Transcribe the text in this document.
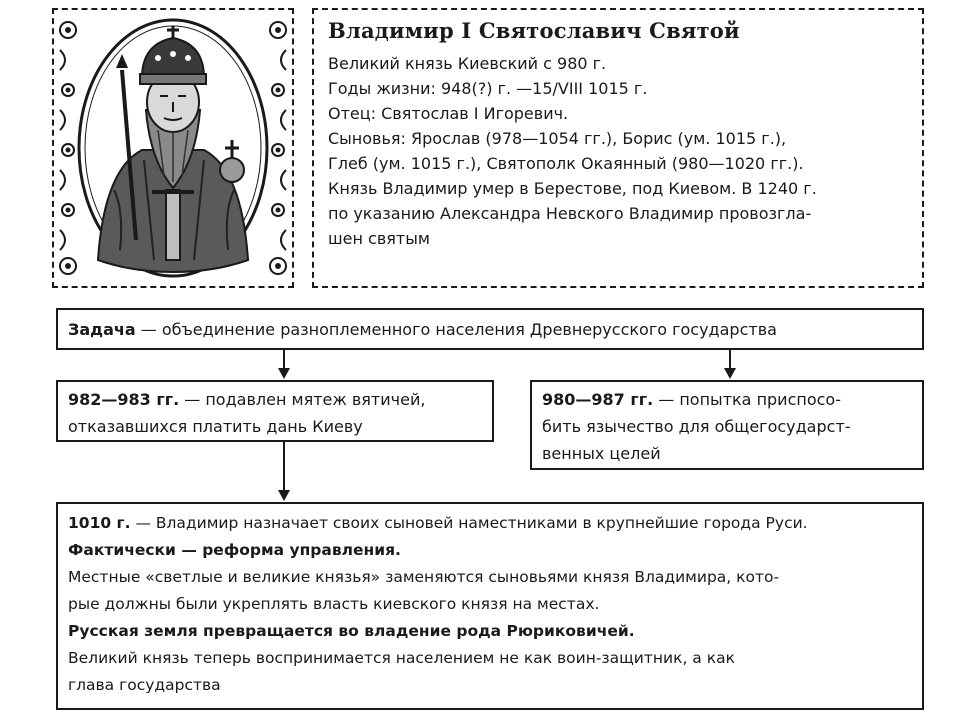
Владимир I Святославич Святой

Великий князь Киевский с 980 г.

Годы жизни: 948(?) г. —15/VIII 1015 г.

Отец: Святослав I Игоревич.

Сыновья: Ярослав (978—1054 гг.), Борис (ум. 1015 г.),

Глеб (ум. 1015 г.), Святополк Окаянный (980—1020 гг.).

Князь Владимир умер в Берестове, под Киевом. В 1240 г.

по указанию Александра Невского Владимир провозгла-

шен святым

Задача — объединение разноплеменного населения Древнерусского государства

982—983 гг. — подавлен мятеж вятичей,

отказавшихся платить дань Киеву

980—987 гг. — попытка приспосо-

бить язычество для общегосударст-

венных целей

1010 г. — Владимир назначает своих сыновей наместниками в крупнейшие города Руси.

Фактически — реформа управления.

Местные «светлые и великие князья» заменяются сыновьями князя Владимира, кото-

рые должны были укреплять власть киевского князя на местах.

Русская земля превращается во владение рода Рюриковичей.

Великий князь теперь воспринимается населением не как воин-защитник, а как

глава государства
